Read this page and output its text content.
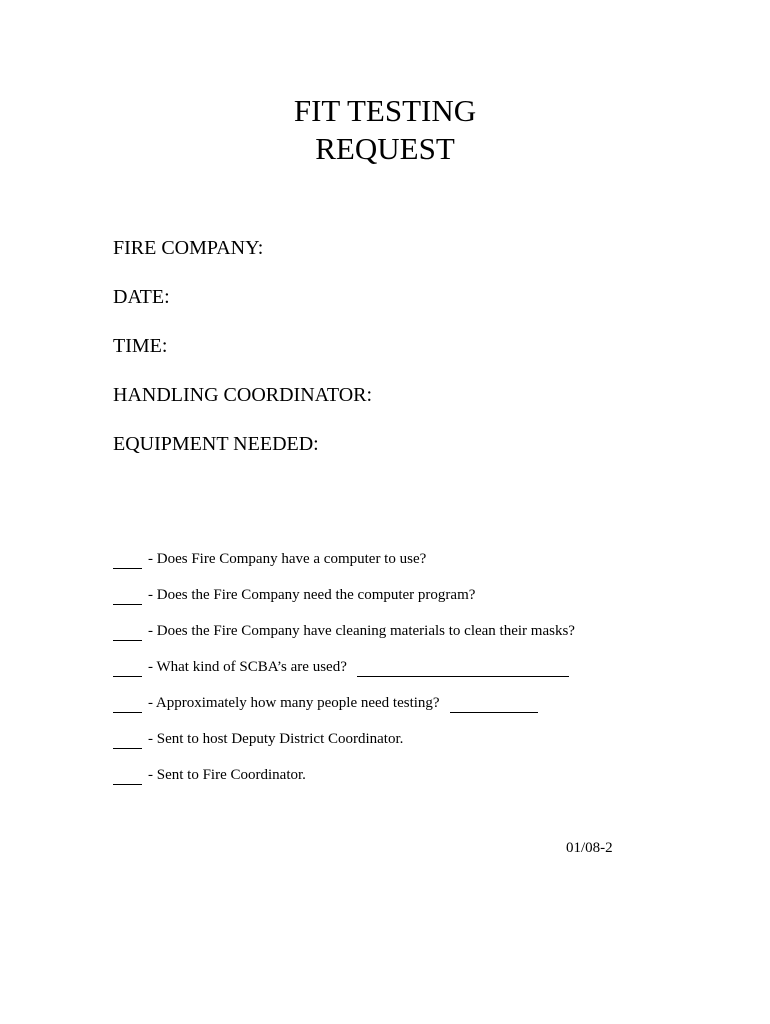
FIT TESTING
REQUEST
FIRE COMPANY:
DATE:
TIME:
HANDLING COORDINATOR:
EQUIPMENT NEEDED:
- Does Fire Company have a computer to use?
- Does the Fire Company need the computer program?
- Does the Fire Company have cleaning materials to clean their masks?
- What kind of SCBA’s are used?
- Approximately how many people need testing?
- Sent to host Deputy District Coordinator.
- Sent to Fire Coordinator.
01/08-2
